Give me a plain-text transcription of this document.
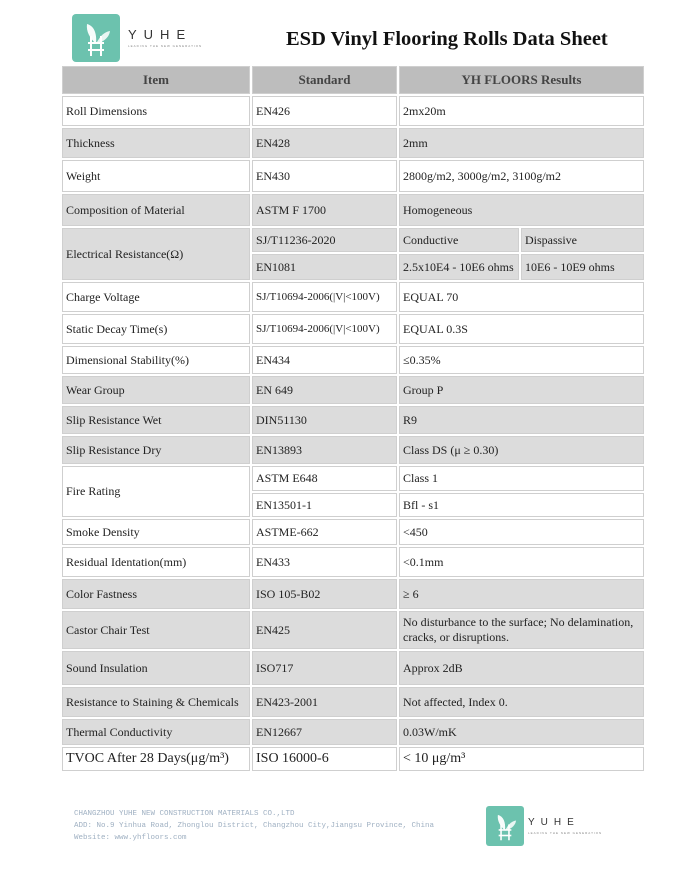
YUHE
LEADING THE NEW GENERATION	ESD Vinyl Flooring Rolls Data Sheet
Item	Standard	YH FLOORS Results	
Roll Dimensions	EN426	2mx20m	
Thickness	EN428	2mm	
Weight	EN430	2800g/m2, 3000g/m2, 3100g/m2	
Composition of Material	ASTM F 1700	Homogeneous	
Electrical Resistance(Ω)	SJ/T11236-2020	Conductive	Dispassive
	EN1081	2.5x10E4 - 10E6 ohms	10E6 - 10E9 ohms
Charge Voltage	SJ/T10694-2006(|V|<100V)	EQUAL 70	
Static Decay Time(s)	SJ/T10694-2006(|V|<100V)	EQUAL 0.3S	
Dimensional Stability(%)	EN434	≤0.35%	
Wear Group	EN 649	Group P	
Slip Resistance Wet	DIN51130	R9	
Slip Resistance Dry	EN13893	Class DS (μ ≥ 0.30)	
Fire Rating	ASTM E648	Class 1	
	EN13501-1	Bfl - s1	
Smoke Density	ASTME-662	<450	
Residual Identation(mm)	EN433	<0.1mm	
Color Fastness	ISO 105-B02	≥ 6	
Castor Chair Test	EN425	No disturbance to the surface; No delamination, cracks, or disruptions.	
Sound Insulation	ISO717	Approx 2dB	
Resistance to Staining & Chemicals	EN423-2001	Not affected, Index 0.	
Thermal Conductivity	EN12667	0.03W/mK	
TVOC After 28 Days(μg/m³)	ISO 16000-6	< 10 μg/m³	
CHANGZHOU YUHE NEW CONSTRUCTION MATERIALS CO.,LTD
ADD: No.9 Yinhua Road, Zhonglou District, Changzhou City,Jiangsu Province, China
Website: www.yhfloors.com
YUHE
LEADING THE NEW GENERATION
